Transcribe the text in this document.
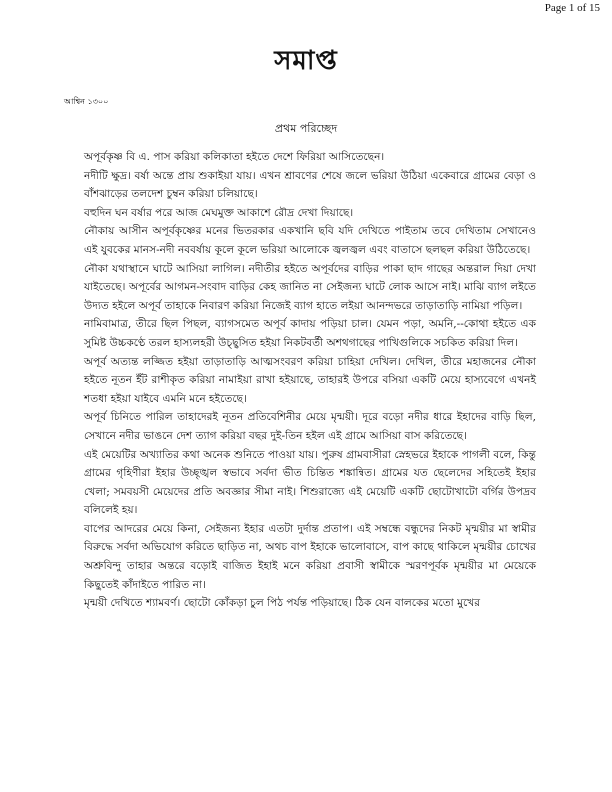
Page 1 of 15
সমাপ্ত
আশ্বিন ১৩০০
প্রথম পরিচ্ছেদ

অপূর্বকৃষ্ণ বি এ. পাস করিয়া কলিকাতা হইতে দেশে ফিরিয়া আসিতেছেন।

নদীটি ক্ষুদ্র। বর্ষা অন্তে প্রায় শুকাইয়া যায়। এখন শ্রাবণের শেষে জলে ভরিয়া উঠিয়া একেবারে গ্রামের বেড়া ও বাঁশঝাড়ের তলদেশ চুম্বন করিয়া চলিয়াছে।

বহুদিন ঘন বর্ষার পরে আজ মেঘমুক্ত আকাশে রৌদ্র দেখা দিয়াছে।

নৌকায় আসীন অপূর্বকৃষ্ণের মনের ভিতরকার একখানি ছবি যদি দেখিতে পাইতাম তবে দেখিতাম সেখানেও এই যুবকের মানস-নদী নববর্ষায় কূলে কূলে ভরিয়া আলোকে জ্বলজ্বল এবং বাতাসে ছলছল করিয়া উঠিতেছে।

নৌকা যথাস্থানে ঘাটে আসিয়া লাগিল। নদীতীর হইতে অপূর্বদের বাড়ির পাকা ছাদ গাছের অন্তরাল দিয়া দেখা যাইতেছে। অপূর্বের আগমন-সংবাদ বাড়ির কেহ জানিত না সেইজন্য ঘাটে লোক আসে নাই। মাঝি ব্যাগ লইতে উদ্যত হইলে অপূর্ব তাহাকে নিবারণ করিয়া নিজেই ব্যাগ হাতে লইয়া আনন্দভরে তাড়াতাড়ি নামিয়া পড়িল।

নামিবামাত্র, তীরে ছিল পিছল, ব্যাগসমেত অপূর্ব কাদায় পড়িয়া চাল। যেমন পড়া, অমনি,--কোথা হইতে এক সুমিষ্ট উচ্চকণ্ঠে তরল হাস্যলহরী উচ্ছ্বসিত হইয়া নিকটবর্তী অশথগাছের পাখিগুলিকে সচকিত করিয়া দিল।

অপূর্ব অত্যন্ত লজ্জিত হইয়া তাড়াতাড়ি আত্মসংবরণ করিয়া চাহিয়া দেখিল। দেখিল, তীরে মহাজনের নৌকা হইতে নূতন ইঁট রাশীকৃত করিয়া নামাইয়া রাখা হইয়াছে, তাহারই উপরে বসিয়া একটি মেয়ে হাস্যবেগে এখনই শতধা হইয়া যাইবে এমনি মনে হইতেছে।

অপূর্ব চিনিতে পারিল তাহাদেরই নূতন প্রতিবেশিনীর মেয়ে মৃন্ময়ী। দূরে বড়ো নদীর ধারে ইহাদের বাড়ি ছিল, সেখানে নদীর ভাঙনে দেশ ত্যাগ করিয়া বছর দুই-তিন হইল এই গ্রামে আসিয়া বাস করিতেছে।

এই মেয়েটির অখ্যাতির কথা অনেক শুনিতে পাওয়া যায়। পুরুষ গ্রামবাসীরা স্নেহভরে ইহাকে পাগলী বলে, কিন্তু গ্রামের গৃহিণীরা ইহার উচ্ছৃঙ্খল স্বভাবে সর্বদা ভীত চিন্তিত শঙ্কান্বিত। গ্রামের যত ছেলেদের সহিতেই ইহার খেলা; সমবয়সী মেয়েদের প্রতি অবজ্ঞার সীমা নাই। শিশুরাজ্যে এই মেয়েটি একটি ছোটোখাটো বর্গির উপদ্রব বলিলেই হয়।

বাপের আদরের মেয়ে কিনা, সেইজন্য ইহার এতটা দুর্দান্ত প্রতাপ। এই সম্বন্ধে বন্ধুদের নিকট মৃন্ময়ীর মা স্বামীর বিরুদ্ধে সর্বদা অভিযোগ করিতে ছাড়িত না, অথচ বাপ ইহাকে ভালোবাসে, বাপ কাছে থাকিলে মৃন্ময়ীর চোখের অশ্রুবিন্দু তাহার অন্তরে বড়োই বাজিত ইহাই মনে করিয়া প্রবাসী স্বামীকে স্মরণপূর্বক মৃন্ময়ীর মা মেয়েকে কিছুতেই কাঁদাইতে পারিত না।

মৃন্ময়ী দেখিতে শ্যামবর্ণ। ছোটো কোঁকড়া চুল পিঠ পর্যন্ত পড়িয়াছে। ঠিক যেন বালকের মতো মুখের
